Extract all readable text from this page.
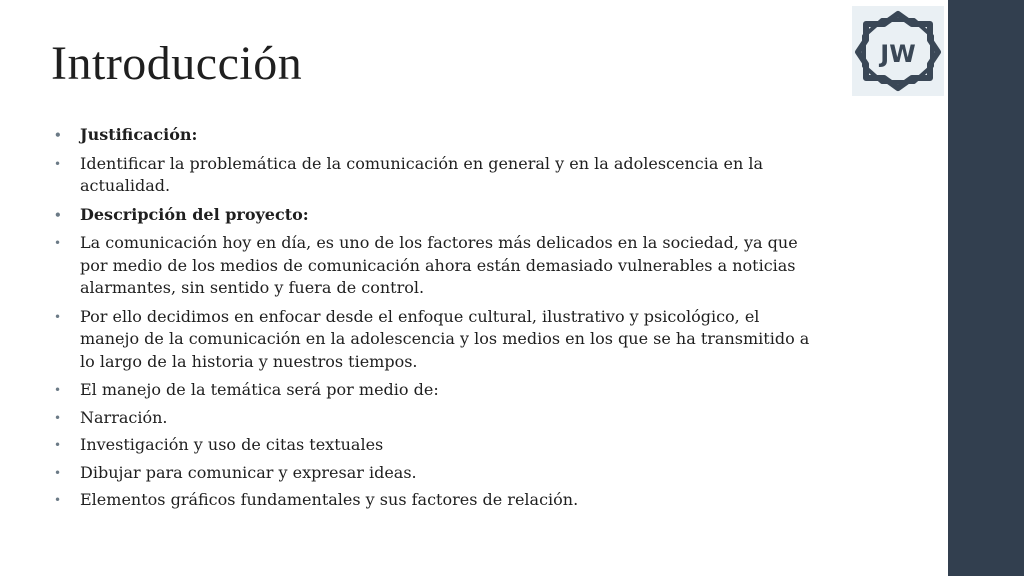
JW
Introducción
• Justificación:
• Identificar la problemática de la comunicación en general y en la adolescencia en la actualidad.
• Descripción del proyecto:
• La comunicación hoy en día, es uno de los factores más delicados en la sociedad, ya que por medio de los medios de comunicación ahora están demasiado vulnerables a noticias alarmantes, sin sentido y fuera de control.
• Por ello decidimos en enfocar desde el enfoque cultural, ilustrativo y psicológico, el manejo de la comunicación en la adolescencia y los medios en los que se ha transmitido a lo largo de la historia y nuestros tiempos.
• El manejo de la temática será por medio de:
• Narración.
• Investigación y uso de citas textuales
• Dibujar para comunicar y expresar ideas.
• Elementos gráficos fundamentales y sus factores de relación.
